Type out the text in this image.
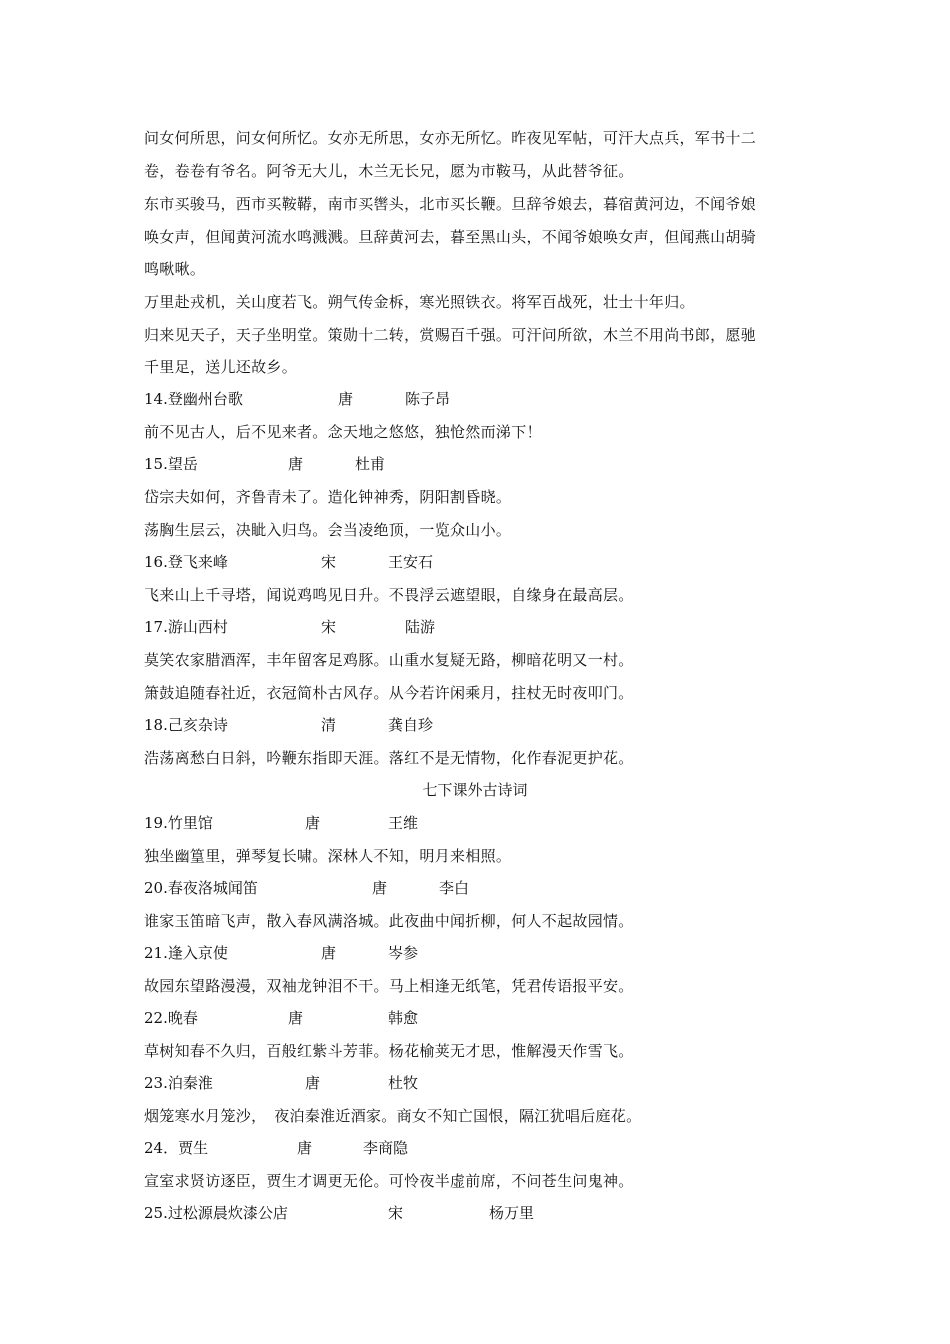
问女何所思，问女何所忆。女亦无所思，女亦无所忆。昨夜见军帖，可汗大点兵，军书十二
卷，卷卷有爷名。阿爷无大儿，木兰无长兄，愿为市鞍马，从此替爷征。
东市买骏马，西市买鞍鞯，南市买辔头，北市买长鞭。旦辞爷娘去，暮宿黄河边，不闻爷娘
唤女声，但闻黄河流水鸣溅溅。旦辞黄河去，暮至黑山头，不闻爷娘唤女声，但闻燕山胡骑
鸣啾啾。
万里赴戎机，关山度若飞。朔气传金柝，寒光照铁衣。将军百战死，壮士十年归。
归来见天子，天子坐明堂。策勋十二转，赏赐百千强。可汗问所欲，木兰不用尚书郎，愿驰
千里足，送儿还故乡。
14.登幽州台歌	唐	陈子昂
前不见古人，后不见来者。念天地之悠悠，独怆然而涕下！
15.望岳	唐	杜甫
岱宗夫如何，齐鲁青未了。造化钟神秀，阴阳割昏晓。
荡胸生层云，决眦入归鸟。会当凌绝顶，一览众山小。
16.登飞来峰	宋	王安石
飞来山上千寻塔，闻说鸡鸣见日升。不畏浮云遮望眼，自缘身在最高层。
17.游山西村	宋	陆游
莫笑农家腊酒浑，丰年留客足鸡豚。山重水复疑无路，柳暗花明又一村。
箫鼓追随春社近，衣冠简朴古风存。从今若许闲乘月，拄杖无时夜叩门。
18.己亥杂诗	清	龚自珍
浩荡离愁白日斜，吟鞭东指即天涯。落红不是无情物，化作春泥更护花。
七下课外古诗词
19.竹里馆	唐	王维
独坐幽篁里，弹琴复长啸。深林人不知，明月来相照。
20.春夜洛城闻笛	唐	李白
谁家玉笛暗飞声，散入春风满洛城。此夜曲中闻折柳，何人不起故园情。
21.逢入京使	唐	岑参
故园东望路漫漫，双袖龙钟泪不干。马上相逢无纸笔，凭君传语报平安。
22.晚春	唐	韩愈
草树知春不久归，百般红紫斗芳菲。杨花榆荚无才思，惟解漫天作雪飞。
23.泊秦淮	唐	杜牧
烟笼寒水月笼沙，　夜泊秦淮近酒家。商女不知亡国恨，隔江犹唱后庭花。
24．贾生	唐	李商隐
宣室求贤访逐臣，贾生才调更无伦。可怜夜半虚前席，不问苍生问鬼神。
25.过松源晨炊漆公店	宋	杨万里
